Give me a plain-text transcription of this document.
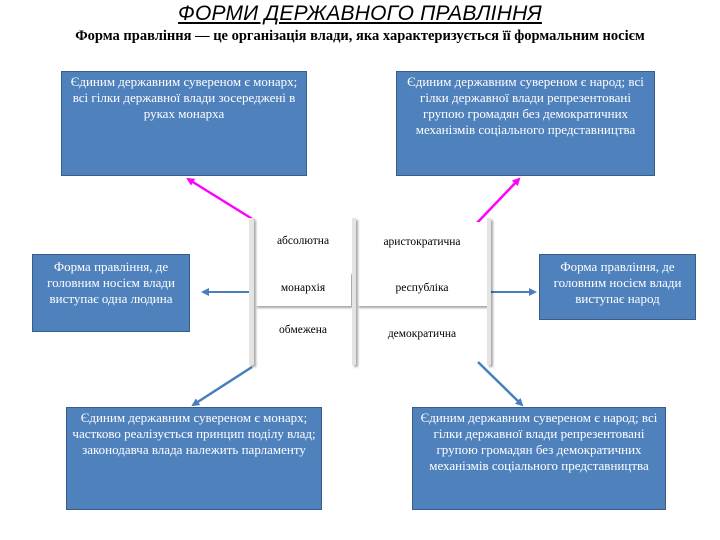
ФОРМИ ДЕРЖАВНОГО ПРАВЛІННЯ
Форма правління — це організація влади, яка характеризується її формальним носієм
Єдиним державним сувереном є монарх; всі гілки державної влади зосереджені в руках монарха
Єдиним державним сувереном є народ; всі гілки державної влади репрезентовані групою громадян без демократичних механізмів соціального представництва
Форма правління, де головним носієм влади виступає одна людина
Форма правління, де головним носієм влади виступає народ
Єдиним державним сувереном є монарх; частково реалізується принцип поділу влад; законодавча влада належить парламенту
Єдиним державним сувереном є народ; всі гілки державної влади репрезентовані групою громадян без демократичних механізмів соціального представництва
абсолютна	аристократична
монархія	республіка
обмежена	демократична
